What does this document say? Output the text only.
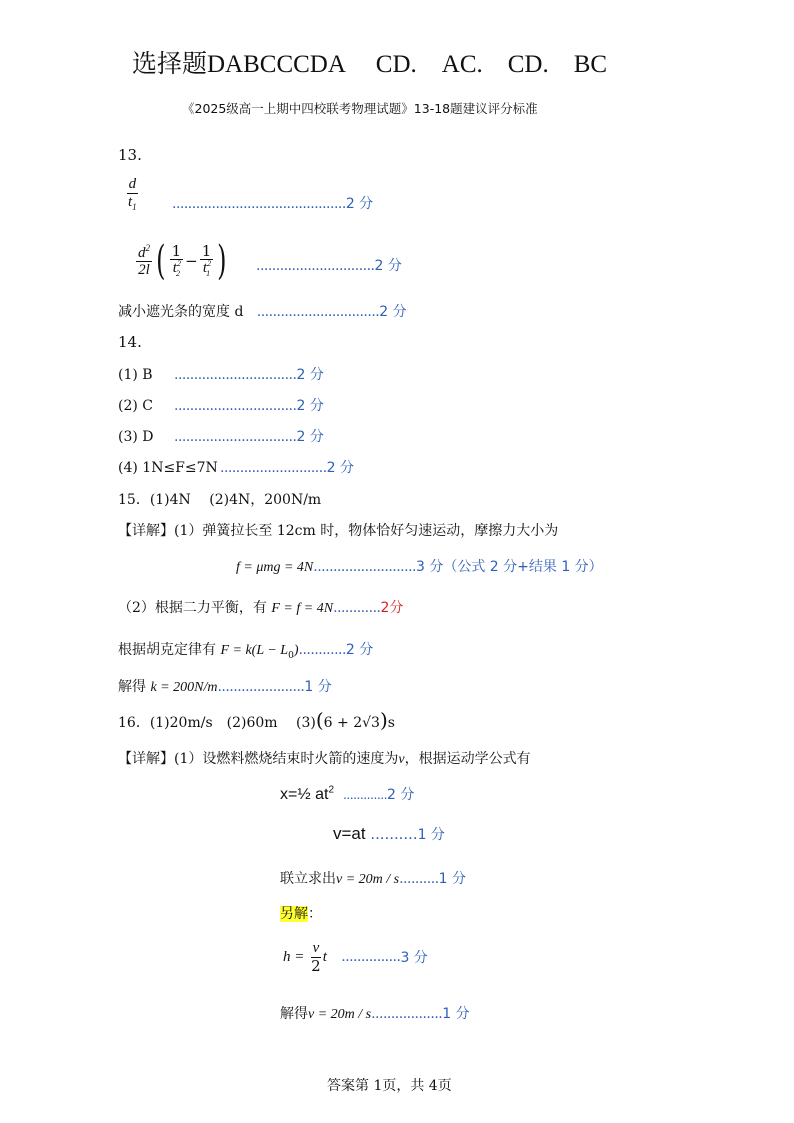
选择题DABCCCDA　 CD.　AC.　CD.　BC
《2025级高一上期中四校联考物理试题》13-18题建议评分标准
13.
$\frac{d}{t_1} ............................................2$ 分
$\frac{d^2}{2l}$ ( $\frac{1}{t^2_2} - \frac{1}{t^2_1}$ ) ..............................2 分
减小遮光条的宽度 d ...............................2 分
14.
(1) B ...............................2 分
(2) C ...............................2 分
(3) D ...............................2 分
(4) 1N≤F≤7N ...........................2 分
15．(1)4N　 (2)4N，200N/m
【详解】(1）弹簧拉长至 12cm 时，物体恰好匀速运动，摩擦力大小为
f = μmg = 4N..........................3 分（公式 2 分+结果 1 分）
（2）根据二力平衡，有 F = f = 4N............2分
根据胡克定律有 $F = k(L - L_0)............2$ 分
解得 k = 200N/m......................1 分
16．(1)20m/s　(2)60m　 (3)(6 + 2√3)s
【详解】(1）设燃料燃烧结束时火箭的速度为v，根据运动学公式有
x=½ $at^2$ .............2 分
v=at ..........1 分
联立求出v = 20m / s..........1 分
另解：
h =
$\frac{v}{2}$ t
............... 3 分
解得v = 20m / s..................1 分
答案第 1页，共 4页
